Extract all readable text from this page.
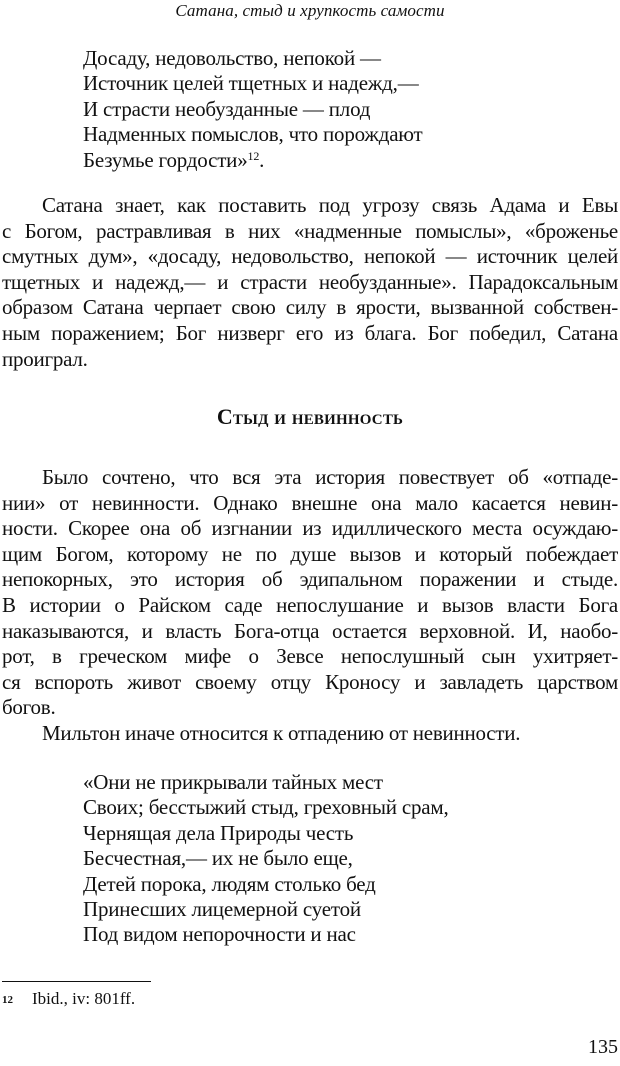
Сатана, стыд и хрупкость самости
Досаду, недовольство, непокой —
Источник целей тщетных и надежд,—
И страсти необузданные — плод
Надменных помыслов, что порождают
Безумье гордости»$^{12}$.
Сатана знает, как поставить под угрозу связь Адама и Евы
с Богом, растравливая в них «надменные помыслы», «броженье
смутных дум», «досаду, недовольство, непокой — источник целей
тщетных и надежд,— и страсти необузданные». Парадоксальным
образом Сатана черпает свою силу в ярости, вызванной собствен-
ным поражением; Бог низверг его из блага. Бог победил, Сатана
проиграл.
Стыд и невинность
Было сочтено, что вся эта история повествует об «отпаде-
нии» от невинности. Однако внешне она мало касается невин-
ности. Скорее она об изгнании из идиллического места осуждаю-
щим Богом, которому не по душе вызов и который побеждает
непокорных, это история об эдипальном поражении и стыде.
В истории о Райском саде непослушание и вызов власти Бога
наказываются, и власть Бога-отца остается верховной. И, наобо-
рот, в греческом мифе о Зевсе непослушный сын ухитряет-
ся вспороть живот своему отцу Кроносу и завладеть царством
богов.
Мильтон иначе относится к отпадению от невинности.
«Они не прикрывали тайных мест
Своих; бесстыжий стыд, греховный срам,
Чернящая дела Природы честь
Бесчестная,— их не было еще,
Детей порока, людям столько бед
Принесших лицемерной суетой
Под видом непорочности и нас
12 Ibid., iv: 801ff.
135
